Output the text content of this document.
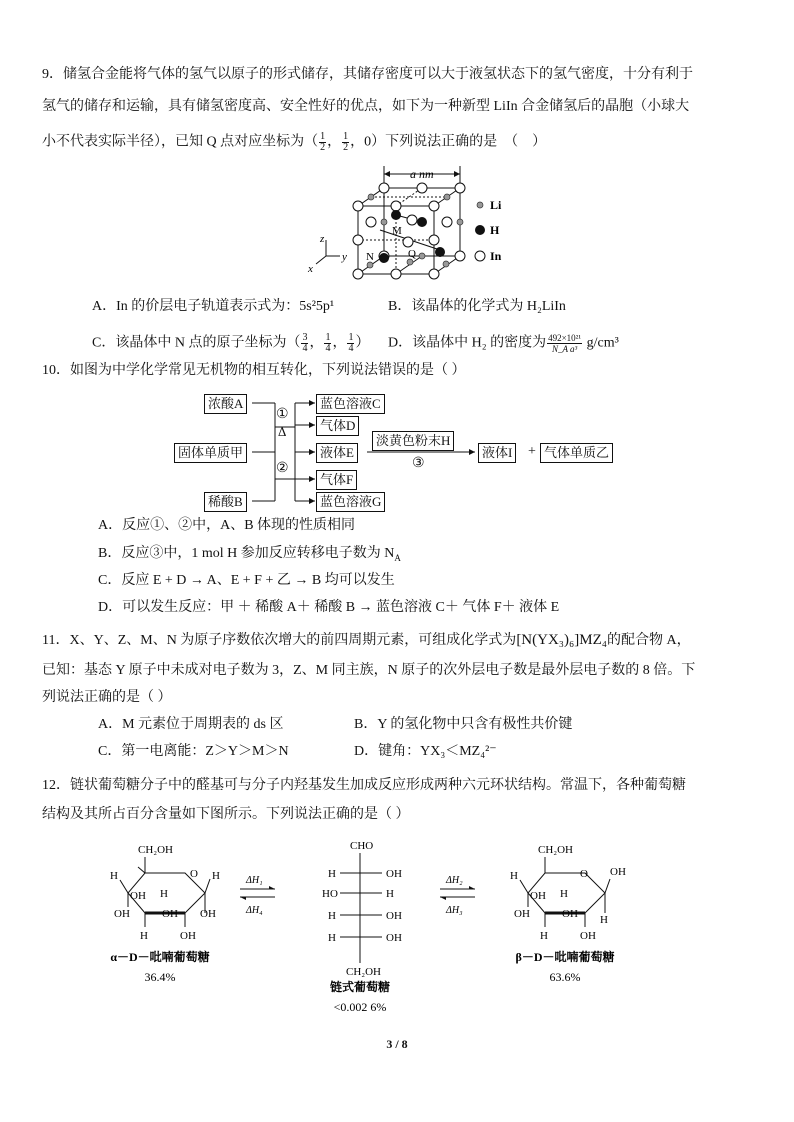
9．储氢合金能将气体的氢气以原子的形式储存，其储存密度可以大于液氢状态下的氢气密度，十分有利于
氢气的储存和运输，具有储氢密度高、安全性好的优点，如下为一种新型 LiIn 合金储氢后的晶胞（小球大
小不代表实际半径），已知 Q 点对应坐标为（ $\frac{1}{2}$ ， $\frac{1}{2}$ ，0）下列说法正确的是　（　）
a nm
M
N	Q
z
y
x
Li
H
In
A．In 的价层电子轨道表示式为：5s²5p¹	B．该晶体的化学式为 H₂LiIn
C．该晶体中 N 点的原子坐标为（ $\frac{3}{4}$ ， $\frac{1}{4}$ ， $\frac{1}{4}$ ） D．该晶体中 H₂ 的密度为 $\frac{\text{492×10²¹}}{\text{N\_A a³}} g/cm^3$
10．如图为中学化学常见无机物的相互转化，下列说法错误的是（ ）
浓酸A
固体单质甲
稀酸B
蓝色溶液C
气体D
液体E
气体F
蓝色溶液G
淡黄色粉末H
液体I	气体单质乙
①
Δ
②	③
+
A．反应①、②中，A、B 体现的性质相同
B．反应③中，1 mol H 参加反应转移电子数为 $N_A$
C．反应 E + D → A、E + F + 乙 → B 均可以发生
D．可以发生反应：甲 ＋ 稀酸 A＋ 稀酸 B → 蓝色溶液 C＋ 气体 F＋ 液体 E
11．X、Y、Z、M、N 为原子序数依次增大的前四周期元素，可组成化学式为[N(YX₃)₆]MZ₄的配合物 A，
已知：基态 Y 原子中未成对电子数为 3，Z、M 同主族，N 原子的次外层电子数是最外层电子数的 8 倍。下
列说法正确的是（ ）
A．M 元素位于周期表的 ds 区	B．Y 的氢化物中只含有极性共价键
C．第一电离能：Z＞Y＞M＞N	D．键角：YX₃＜MZ₄²⁻
12．链状葡萄糖分子中的醛基可与分子内羟基发生加成反应形成两种六元环状结构。常温下，各种葡萄糖
结构及其所占百分含量如下图所示。下列说法正确的是（ ）
CH₂OH
H	O H
OH H
OH	OH OH
H	OH
CHO
H	OH
HO	H
H	OH
H	OH
CH₂OH
CH₂OH
H	O OH
OH H
OH	OH H
H	OH
α－D－吡喃葡萄糖
36.4%
链式葡萄糖
<0.002 6%
β－D－吡喃葡萄糖
63.6%
ΔH₁
ΔH₄
ΔH₂
ΔH₃
3 / 8
